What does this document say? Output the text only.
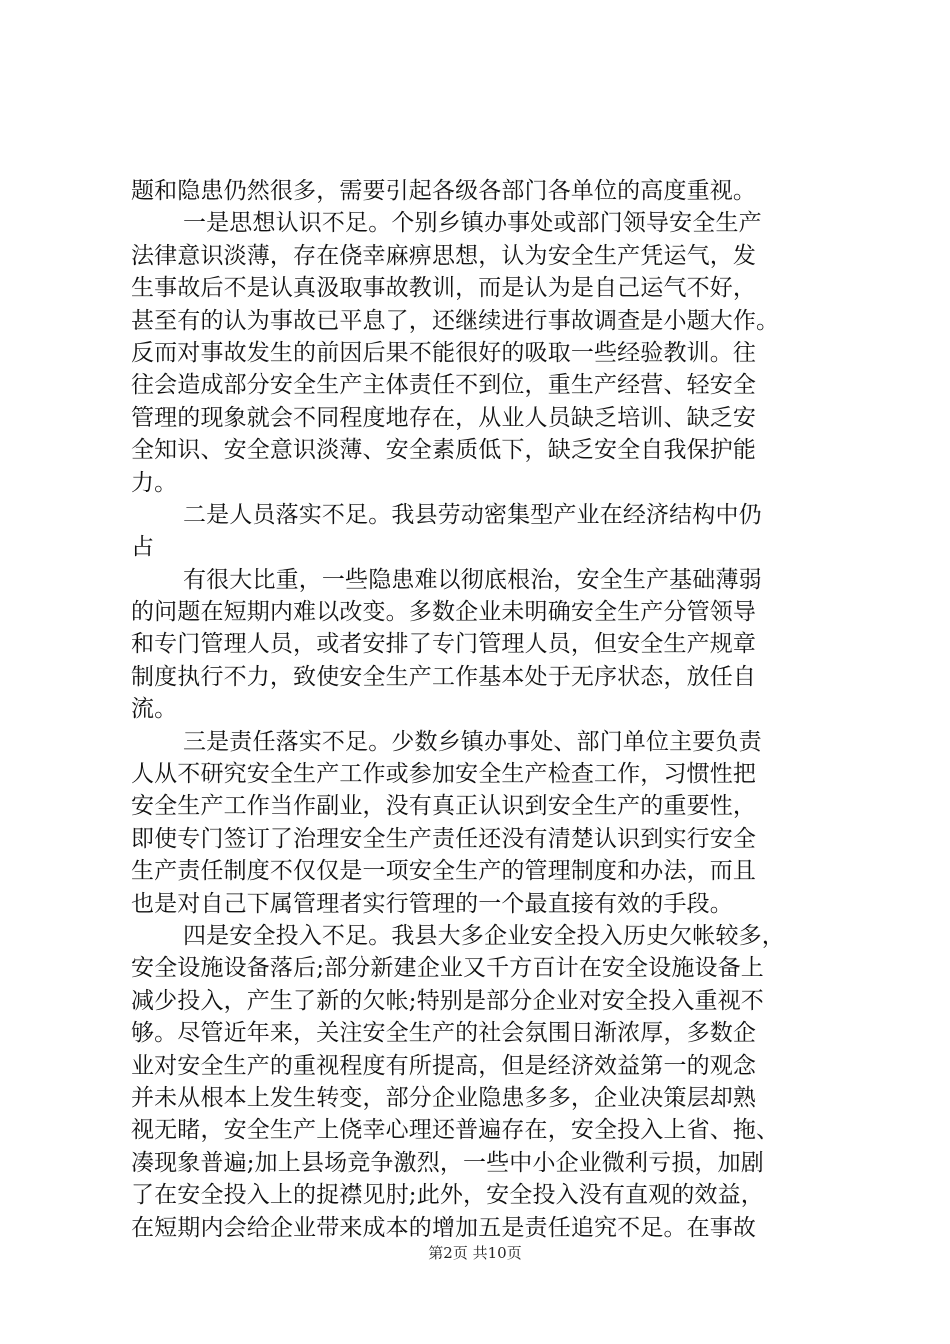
题和隐患仍然很多，需要引起各级各部门各单位的高度重视。
一是思想认识不足。个别乡镇办事处或部门领导安全生产
法律意识淡薄，存在侥幸麻痹思想，认为安全生产凭运气，发
生事故后不是认真汲取事故教训，而是认为是自己运气不好，
甚至有的认为事故已平息了，还继续进行事故调查是小题大作。
反而对事故发生的前因后果不能很好的吸取一些经验教训。往
往会造成部分安全生产主体责任不到位，重生产经营、轻安全
管理的现象就会不同程度地存在，从业人员缺乏培训、缺乏安
全知识、安全意识淡薄、安全素质低下，缺乏安全自我保护能
力。
二是人员落实不足。我县劳动密集型产业在经济结构中仍
占
有很大比重，一些隐患难以彻底根治，安全生产基础薄弱
的问题在短期内难以改变。多数企业未明确安全生产分管领导
和专门管理人员，或者安排了专门管理人员，但安全生产规章
制度执行不力，致使安全生产工作基本处于无序状态，放任自
流。
三是责任落实不足。少数乡镇办事处、部门单位主要负责
人从不研究安全生产工作或参加安全生产检查工作，习惯性把
安全生产工作当作副业，没有真正认识到安全生产的重要性，
即使专门签订了治理安全生产责任还没有清楚认识到实行安全
生产责任制度不仅仅是一项安全生产的管理制度和办法，而且
也是对自己下属管理者实行管理的一个最直接有效的手段。
四是安全投入不足。我县大多企业安全投入历史欠帐较多，
安全设施设备落后;部分新建企业又千方百计在安全设施设备上
减少投入，产生了新的欠帐;特别是部分企业对安全投入重视不
够。尽管近年来，关注安全生产的社会氛围日渐浓厚，多数企
业对安全生产的重视程度有所提高，但是经济效益第一的观念
并未从根本上发生转变，部分企业隐患多多，企业决策层却熟
视无睹，安全生产上侥幸心理还普遍存在，安全投入上省、拖、
凑现象普遍;加上县场竞争激烈，一些中小企业微利亏损，加剧
了在安全投入上的捉襟见肘;此外，安全投入没有直观的效益，
在短期内会给企业带来成本的增加五是责任追究不足。在事故
第2页 共10页
